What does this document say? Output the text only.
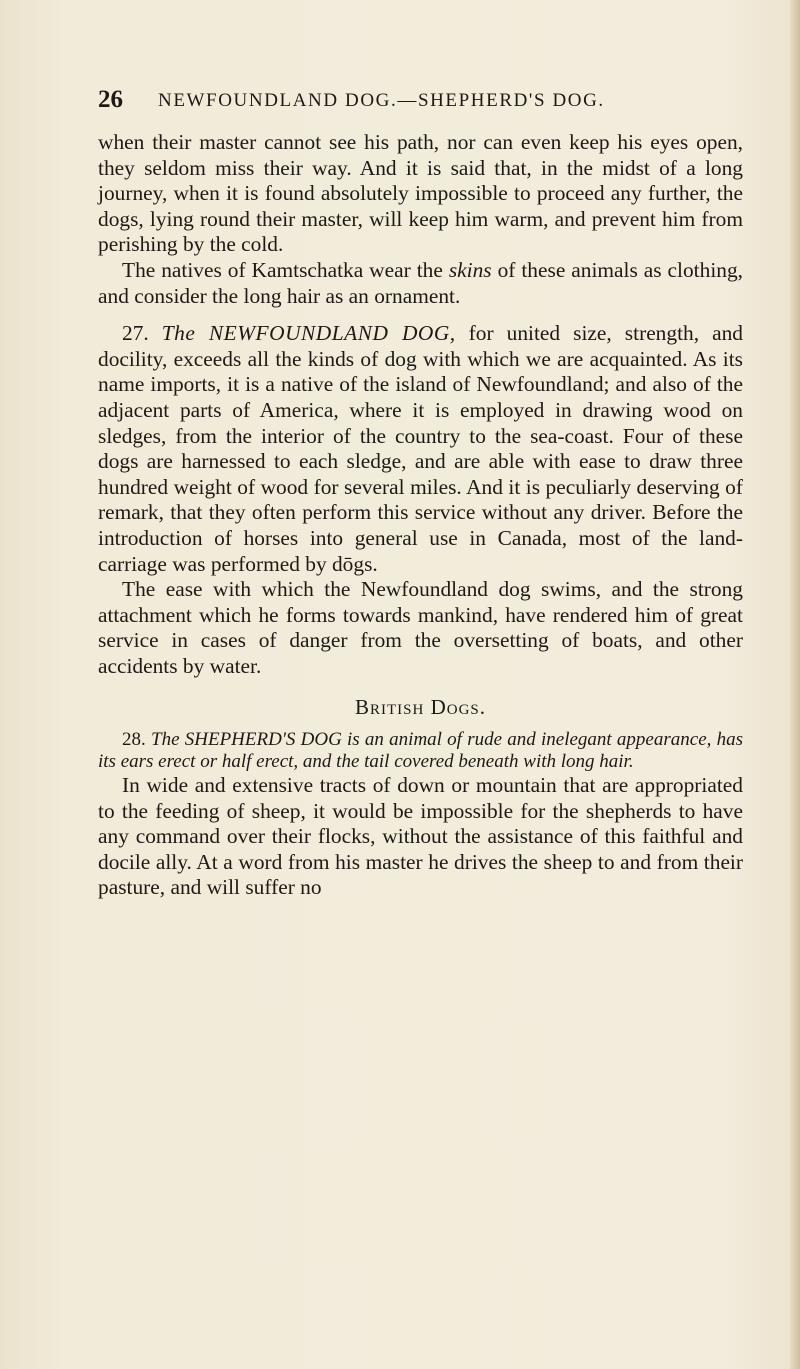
26 NEWFOUNDLAND DOG.—SHEPHERD'S DOG.

when their master cannot see his path, nor can even keep his eyes open, they seldom miss their way. And it is said that, in the midst of a long journey, when it is found absolutely impossible to proceed any further, the dogs, lying round their master, will keep him warm, and prevent him from perishing by the cold.

The natives of Kamtschatka wear the skins of these animals as clothing, and consider the long hair as an ornament.

27. The NEWFOUNDLAND DOG, for united size, strength, and docility, exceeds all the kinds of dog with which we are acquainted. As its name imports, it is a native of the island of Newfoundland; and also of the adjacent parts of America, where it is employed in drawing wood on sledges, from the interior of the country to the sea-coast. Four of these dogs are harnessed to each sledge, and are able with ease to draw three hundred weight of wood for several miles. And it is peculiarly deserving of remark, that they often perform this service without any driver. Before the introduction of horses into general use in Canada, most of the land-carriage was performed by dōgs.

The ease with which the Newfoundland dog swims, and the strong attachment which he forms towards mankind, have rendered him of great service in cases of danger from the oversetting of boats, and other accidents by water.

British Dogs.

28. The SHEPHERD'S DOG is an animal of rude and inelegant appearance, has its ears erect or half erect, and the tail covered beneath with long hair.

In wide and extensive tracts of down or mountain that are appropriated to the feeding of sheep, it would be impossible for the shepherds to have any command over their flocks, without the assistance of this faithful and docile ally. At a word from his master he drives the sheep to and from their pasture, and will suffer no
